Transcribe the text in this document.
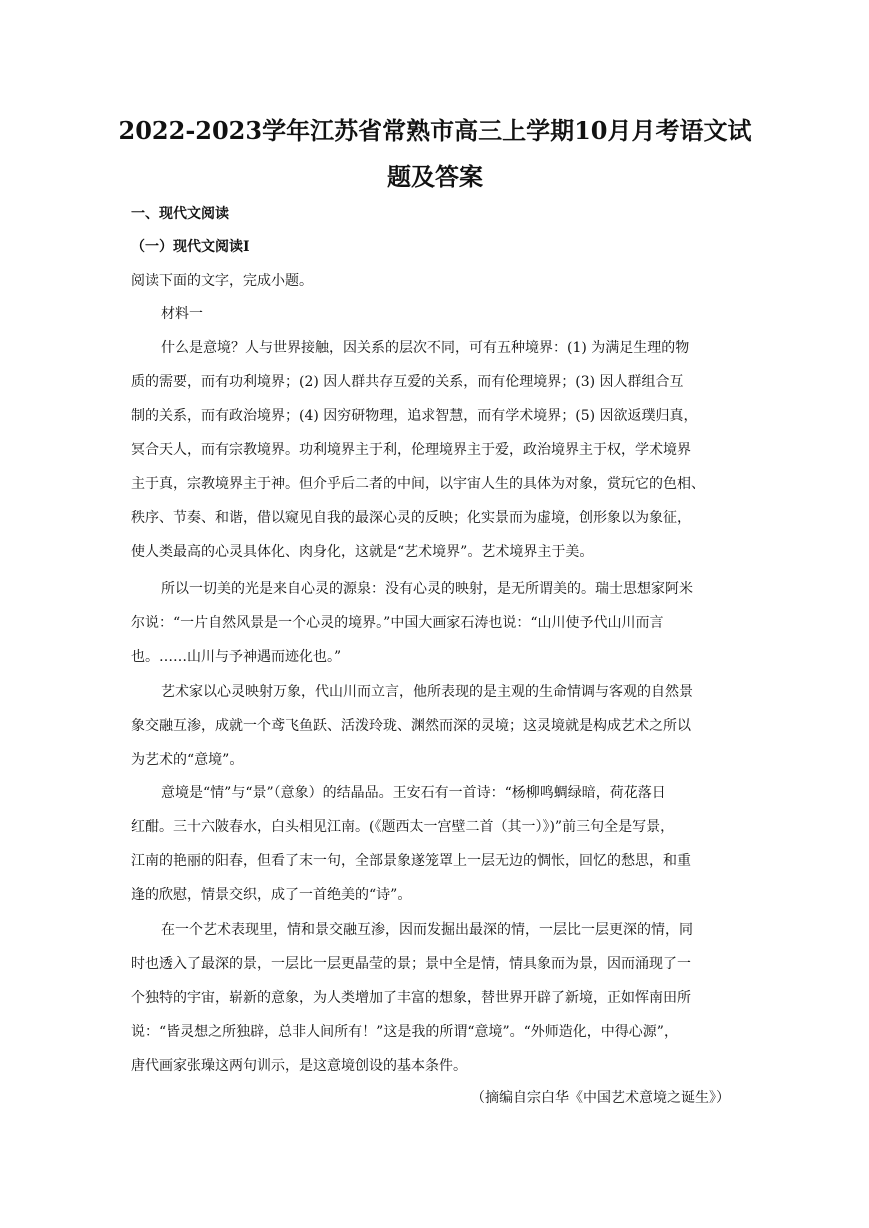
2022-2023学年江苏省常熟市高三上学期10月月考语文试
题及答案
一、现代文阅读
（一）现代文阅读Ⅰ
阅读下面的文字，完成小题。
材料一
什么是意境？人与世界接触，因关系的层次不同，可有五种境界：(1) 为满足生理的物
质的需要，而有功利境界；(2) 因人群共存互爱的关系，而有伦理境界；(3) 因人群组合互
制的关系，而有政治境界；(4) 因穷研物理，追求智慧，而有学术境界；(5) 因欲返璞归真，
冥合天人，而有宗教境界。功利境界主于利，伦理境界主于爱，政治境界主于权，学术境界
主于真，宗教境界主于神。但介乎后二者的中间，以宇宙人生的具体为对象，赏玩它的色相、
秩序、节奏、和谐，借以窥见自我的最深心灵的反映；化实景而为虚境，创形象以为象征，
使人类最高的心灵具体化、肉身化，这就是“艺术境界”。艺术境界主于美。
所以一切美的光是来自心灵的源泉：没有心灵的映射，是无所谓美的。瑞士思想家阿米
尔说：“一片自然风景是一个心灵的境界。”中国大画家石涛也说：“山川使予代山川而言
也。……山川与予神遇而迹化也。”
艺术家以心灵映射万象，代山川而立言，他所表现的是主观的生命情调与客观的自然景
象交融互渗，成就一个鸢飞鱼跃、活泼玲珑、渊然而深的灵境；这灵境就是构成艺术之所以
为艺术的“意境”。
意境是“情”与“景”（意象）的结晶品。王安石有一首诗：“杨柳鸣蜩绿暗，荷花落日
红酣。三十六陂春水，白头相见江南。(《题西太一宫壁二首（其一）》)”前三句全是写景，
江南的艳丽的阳春，但看了末一句，全部景象遂笼罩上一层无边的惆怅，回忆的愁思，和重
逢的欣慰，情景交织，成了一首绝美的“诗”。
在一个艺术表现里，情和景交融互渗，因而发掘出最深的情，一层比一层更深的情，同
时也透入了最深的景，一层比一层更晶莹的景；景中全是情，情具象而为景，因而涌现了一
个独特的宇宙，崭新的意象，为人类增加了丰富的想象，替世界开辟了新境，正如恽南田所
说：“皆灵想之所独辟，总非人间所有！”这是我的所谓“意境”。“外师造化，中得心源”，
唐代画家张璪这两句训示，是这意境创设的基本条件。
（摘编自宗白华《中国艺术意境之诞生》）
